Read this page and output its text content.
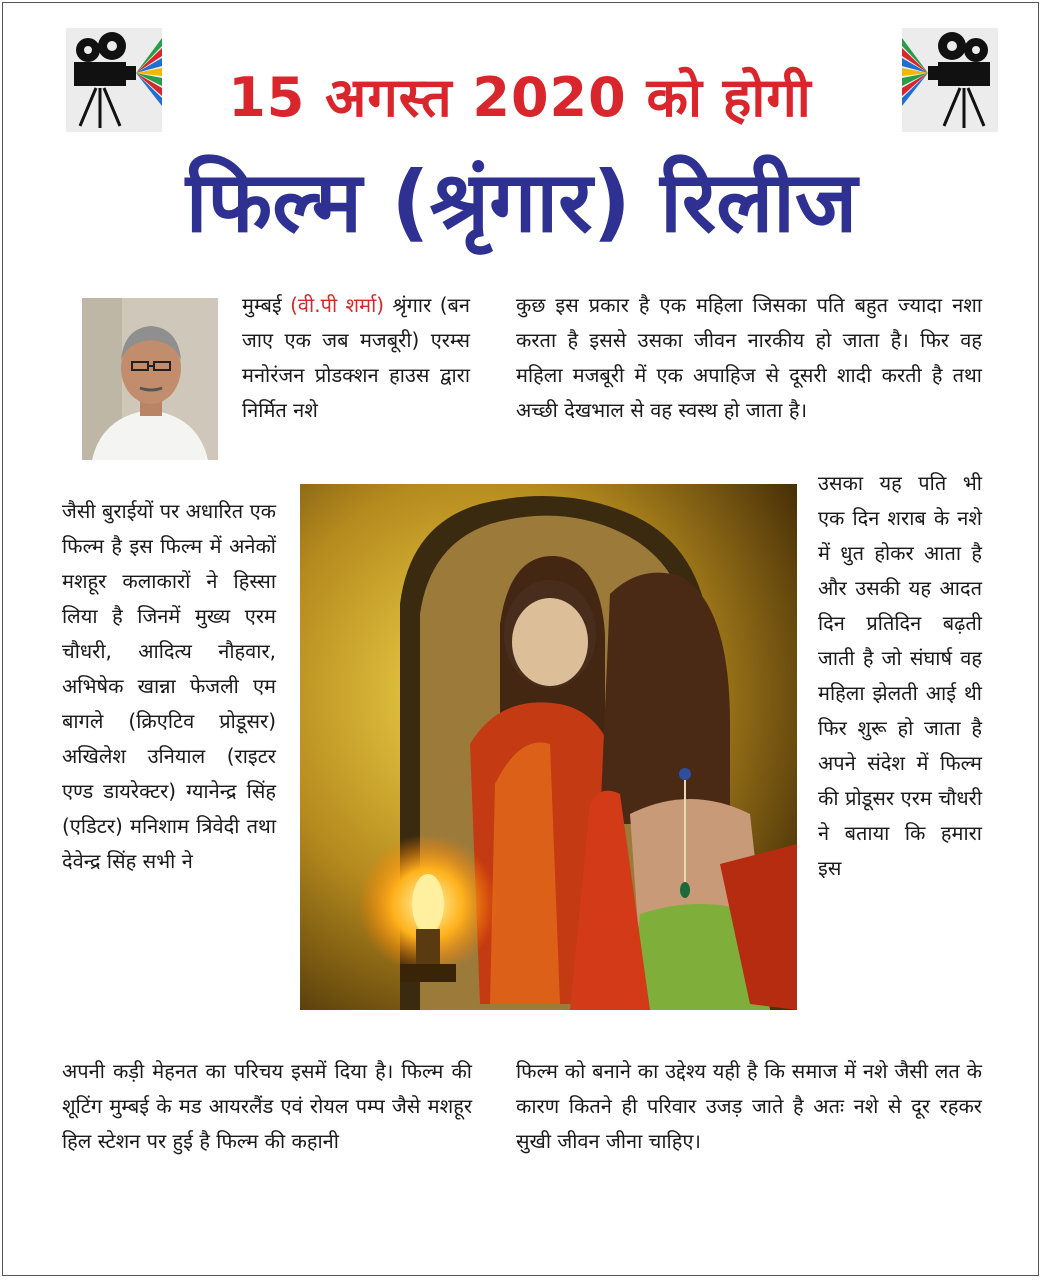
15 अगस्त 2020 को होगी
फिल्म (श्रृंगार) रिलीज

मुम्बई (वी.पी शर्मा) श्रृंगार (बन जाए एक जब मजबूरी) एरम्स मनोरंजन प्रोडक्शन हाउस द्वारा निर्मित नशे

कुछ इस प्रकार है एक महिला जिसका पति बहुत ज्यादा नशा करता है इससे उसका जीवन नारकीय हो जाता है। फिर वह महिला मजबूरी में एक अपाहिज से दूसरी शादी करती है तथा अच्छी देखभाल से वह स्वस्थ हो जाता है।

जैसी बुराईयों पर अधारित एक फिल्म है इस फिल्म में अनेकों मशहूर कलाकारों ने हिस्सा लिया है जिनमें मुख्य एरम चौधरी, आदित्य नौहवार, अभिषेक खान्ना फेजली एम बागले (क्रिएटिव प्रोडूसर) अखिलेश उनियाल (राइटर एण्ड डायरेक्टर) ग्यानेन्द्र सिंह (एडिटर) मनिशाम त्रिवेदी तथा देवेन्द्र सिंह सभी ने

उसका यह पति भी एक दिन शराब के नशे में धुत होकर आता है और उसकी यह आदत दिन प्रतिदिन बढ़ती जाती है जो संघार्ष वह महिला झेलती आई थी फिर शुरू हो जाता है अपने संदेश में फिल्म की प्रोडूसर एरम चौधरी ने बताया कि हमारा इस

अपनी कड़ी मेहनत का परिचय इसमें दिया है। फिल्म की शूटिंग मुम्बई के मड आयरलैंड एवं रोयल पम्प जैसे मशहूर हिल स्टेशन पर हुई है फिल्म की कहानी

फिल्म को बनाने का उद्देश्य यही है कि समाज में नशे जैसी लत के कारण कितने ही परिवार उजड़ जाते है अतः नशे से दूर रहकर सुखी जीवन जीना चाहिए।
